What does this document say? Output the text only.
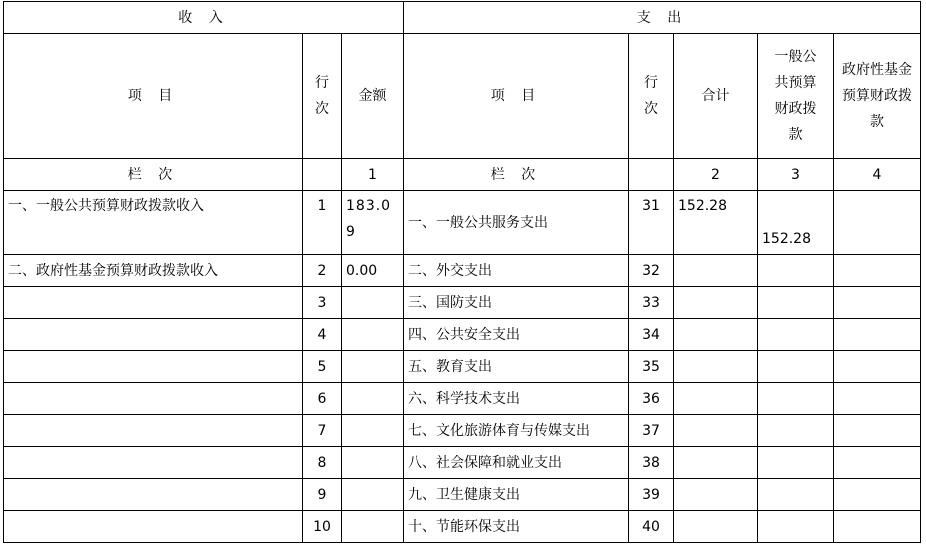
收 入			支 出				
项 目	行次	金额	项 目	行次	合计	一般公共预算财政拨款	政府性基金预算财政拨款
栏 次		1	栏 次		2	3	4
一、一般公共预算财政拨款收入	1	183.09	一、一般公共服务支出	31	152.28	152.28	
二、政府性基金预算财政拨款收入	2	0.00	二、外交支出	32			
	3		三、国防支出	33			
	4		四、公共安全支出	34			
	5		五、教育支出	35			
	6		六、科学技术支出	36			
	7		七、文化旅游体育与传媒支出	37			
	8		八、社会保障和就业支出	38			
	9		九、卫生健康支出	39			
	10		十、节能环保支出	40			
